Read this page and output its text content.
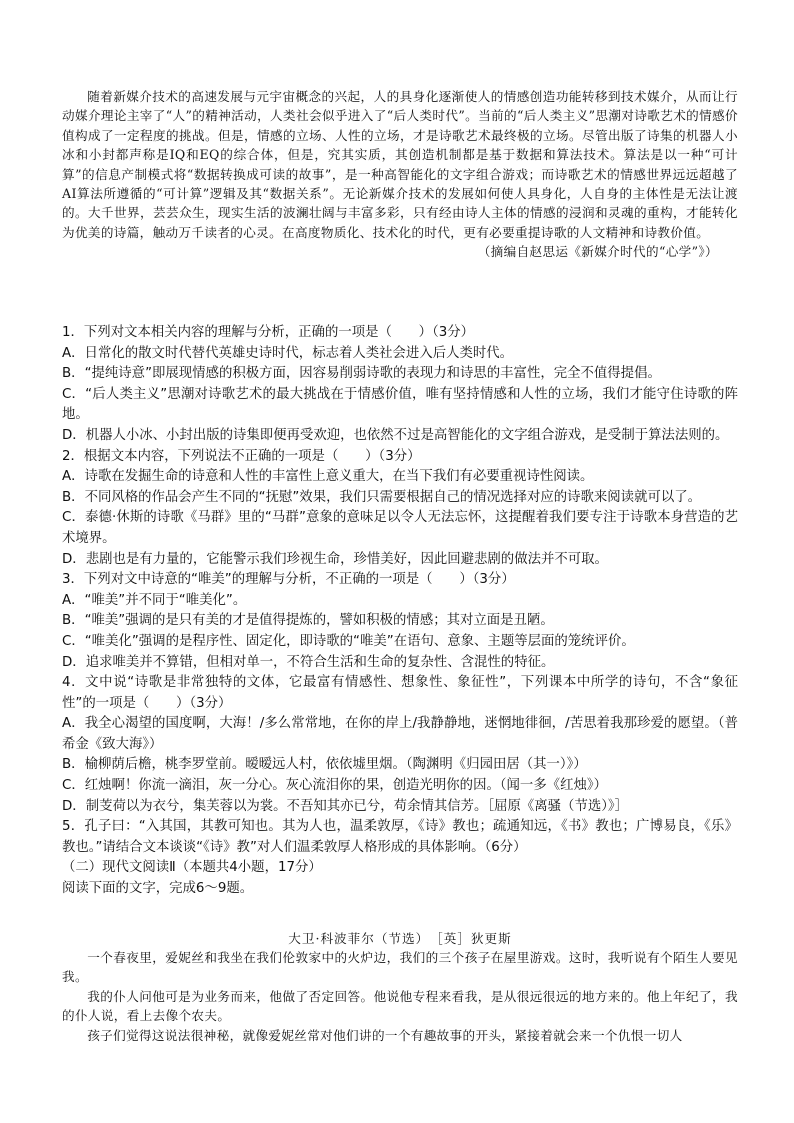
随着新媒介技术的高速发展与元宇宙概念的兴起，人的具身化逐渐使人的情感创造功能转移到技术媒介，从而让行动媒介理论主宰了“人”的精神活动，人类社会似乎进入了“后人类时代”。当前的“后人类主义”思潮对诗歌艺术的情感价值构成了一定程度的挑战。但是，情感的立场、人性的立场，才是诗歌艺术最终极的立场。尽管出版了诗集的机器人小冰和小封都声称是IQ和EQ的综合体，但是，究其实质，其创造机制都是基于数据和算法技术。算法是以一种“可计算”的信息产制模式将“数据转换成可读的故事”，是一种高智能化的文字组合游戏；而诗歌艺术的情感世界远远超越了AI算法所遵循的“可计算”逻辑及其“数据关系”。无论新媒介技术的发展如何使人具身化，人自身的主体性是无法让渡的。大千世界，芸芸众生，现实生活的波澜壮阔与丰富多彩，只有经由诗人主体的情感的浸润和灵魂的重构，才能转化为优美的诗篇，触动万千读者的心灵。在高度物质化、技术化的时代，更有必要重提诗歌的人文精神和诗教价值。

（摘编自赵思运《新媒介时代的“心学”》）

1．下列对文本相关内容的理解与分析，正确的一项是（　　）（3分）

A．日常化的散文时代替代英雄史诗时代，标志着人类社会进入后人类时代。

B．“提纯诗意”即展现情感的积极方面，因容易削弱诗歌的表现力和诗思的丰富性，完全不值得提倡。

C．“后人类主义”思潮对诗歌艺术的最大挑战在于情感价值，唯有坚持情感和人性的立场，我们才能守住诗歌的阵地。

D．机器人小冰、小封出版的诗集即便再受欢迎，也依然不过是高智能化的文字组合游戏，是受制于算法法则的。

2．根据文本内容，下列说法不正确的一项是（　　）（3分）

A．诗歌在发掘生命的诗意和人性的丰富性上意义重大，在当下我们有必要重视诗性阅读。

B．不同风格的作品会产生不同的“抚慰”效果，我们只需要根据自己的情况选择对应的诗歌来阅读就可以了。

C．泰德·休斯的诗歌《马群》里的“马群”意象的意味足以令人无法忘怀，这提醒着我们要专注于诗歌本身营造的艺术境界。

D．悲剧也是有力量的，它能警示我们珍视生命，珍惜美好，因此回避悲剧的做法并不可取。

3．下列对文中诗意的“唯美”的理解与分析，不正确的一项是（　　）（3分）

A．“唯美”并不同于“唯美化”。

B．“唯美”强调的是只有美的才是值得提炼的，譬如积极的情感；其对立面是丑陋。

C．“唯美化”强调的是程序性、固定化，即诗歌的“唯美”在语句、意象、主题等层面的笼统评价。

D．追求唯美并不算错，但相对单一，不符合生活和生命的复杂性、含混性的特征。

4．文中说“诗歌是非常独特的文体，它最富有情感性、想象性、象征性”，下列课本中所学的诗句，不含“象征性”的一项是（　　）（3分）

A．我全心渴望的国度啊，大海！/多么常常地，在你的岸上/我静静地，迷惘地徘徊，/苦思着我那珍爱的愿望。（普希金《致大海》）

B．榆柳荫后檐，桃李罗堂前。暧暧远人村，依依墟里烟。（陶渊明《归园田居（其一）》）

C．红烛啊！你流一滴泪，灰一分心。灰心流泪你的果，创造光明你的因。（闻一多《红烛》）

D．制芰荷以为衣兮，集芙蓉以为裳。不吾知其亦已兮，苟余情其信芳。［屈原《离骚（节选）》］

5．孔子曰：“入其国，其教可知也。其为人也，温柔敦厚，《诗》教也；疏通知远，《书》教也；广博易良，《乐》教也。”请结合文本谈谈“《诗》教”对人们温柔敦厚人格形成的具体影响。（6分）

（二）现代文阅读Ⅱ（本题共4小题，17分）

阅读下面的文字，完成6～9题。

大卫·科波菲尔（节选）　［英］狄更斯

一个春夜里，爱妮丝和我坐在我们伦敦家中的火炉边，我们的三个孩子在屋里游戏。这时，我听说有个陌生人要见我。

我的仆人问他可是为业务而来，他做了否定回答。他说他专程来看我，是从很远很远的地方来的。他上年纪了，我的仆人说，看上去像个农夫。

孩子们觉得这说法很神秘，就像爱妮丝常对他们讲的一个有趣故事的开头，紧接着就会来一个仇恨一切人
